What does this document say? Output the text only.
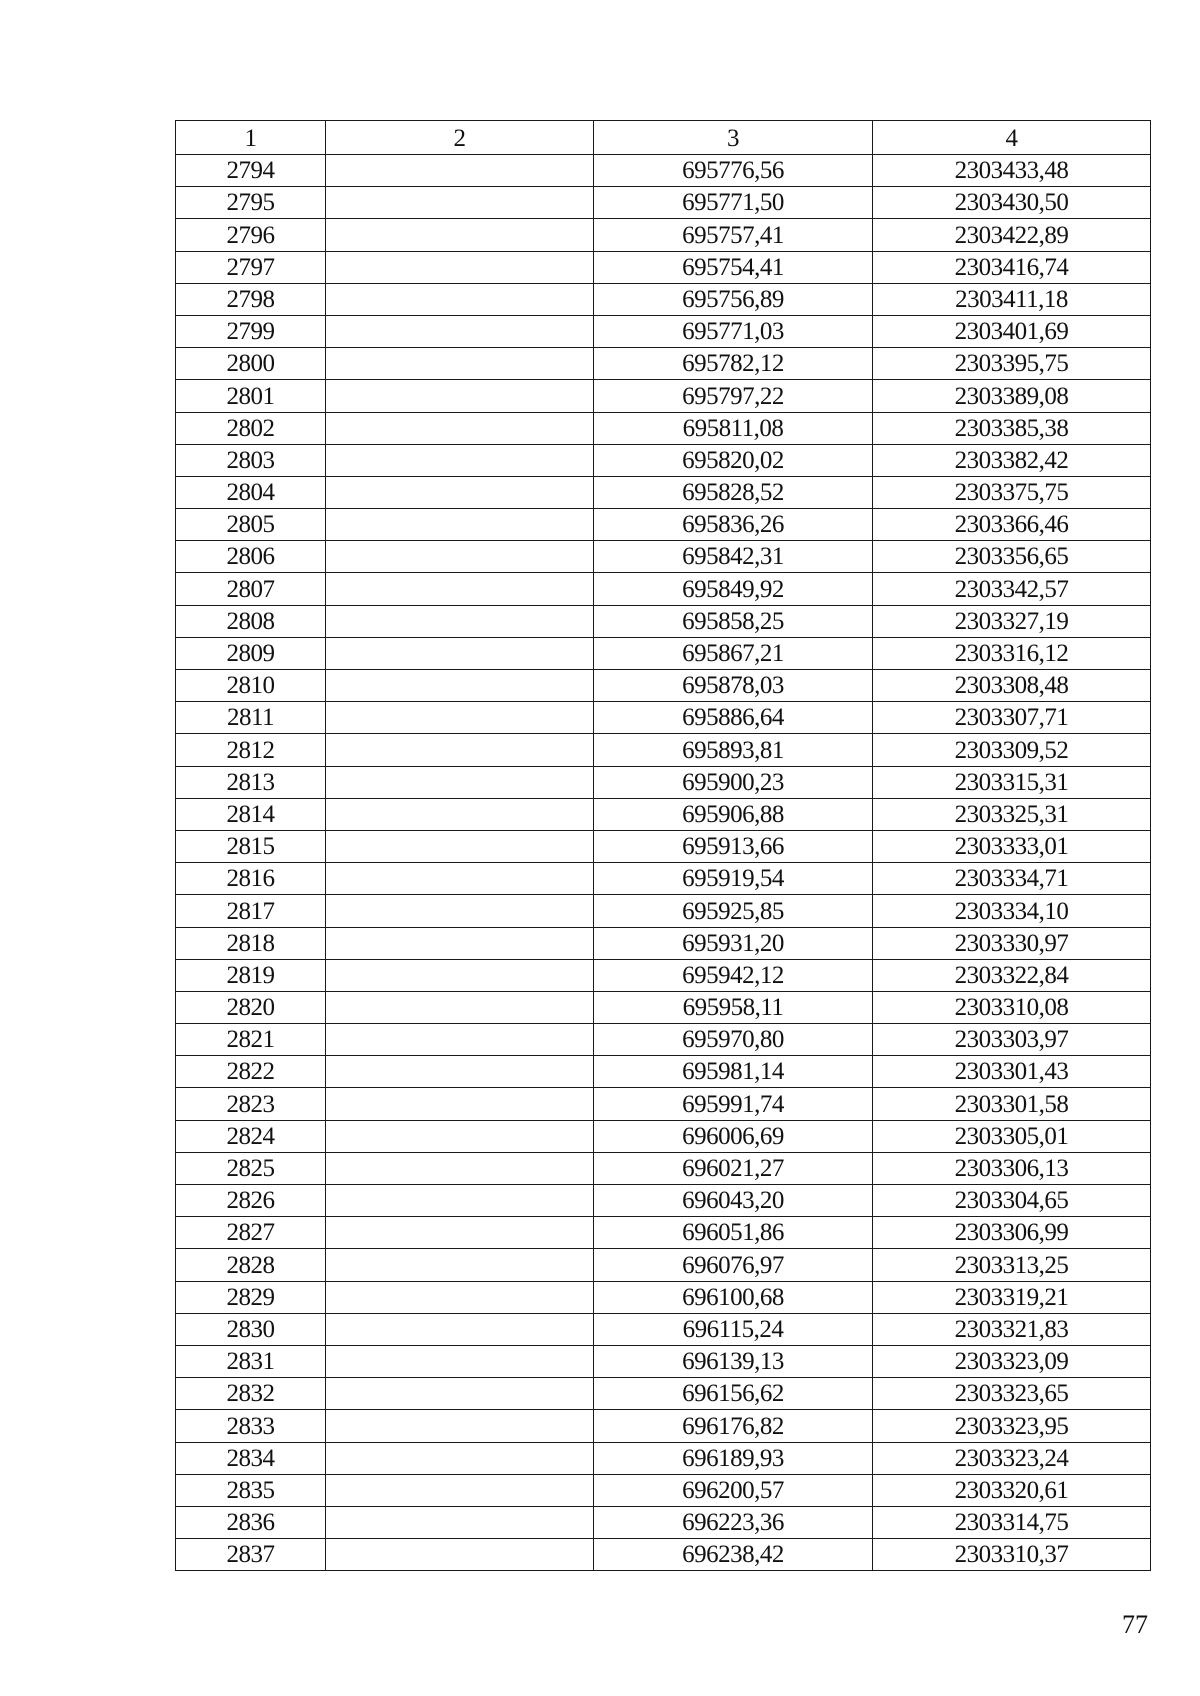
1	2	3	4
2794		695776,56	2303433,48
2795		695771,50	2303430,50
2796		695757,41	2303422,89
2797		695754,41	2303416,74
2798		695756,89	2303411,18
2799		695771,03	2303401,69
2800		695782,12	2303395,75
2801		695797,22	2303389,08
2802		695811,08	2303385,38
2803		695820,02	2303382,42
2804		695828,52	2303375,75
2805		695836,26	2303366,46
2806		695842,31	2303356,65
2807		695849,92	2303342,57
2808		695858,25	2303327,19
2809		695867,21	2303316,12
2810		695878,03	2303308,48
2811		695886,64	2303307,71
2812		695893,81	2303309,52
2813		695900,23	2303315,31
2814		695906,88	2303325,31
2815		695913,66	2303333,01
2816		695919,54	2303334,71
2817		695925,85	2303334,10
2818		695931,20	2303330,97
2819		695942,12	2303322,84
2820		695958,11	2303310,08
2821		695970,80	2303303,97
2822		695981,14	2303301,43
2823		695991,74	2303301,58
2824		696006,69	2303305,01
2825		696021,27	2303306,13
2826		696043,20	2303304,65
2827		696051,86	2303306,99
2828		696076,97	2303313,25
2829		696100,68	2303319,21
2830		696115,24	2303321,83
2831		696139,13	2303323,09
2832		696156,62	2303323,65
2833		696176,82	2303323,95
2834		696189,93	2303323,24
2835		696200,57	2303320,61
2836		696223,36	2303314,75
2837		696238,42	2303310,37
77
